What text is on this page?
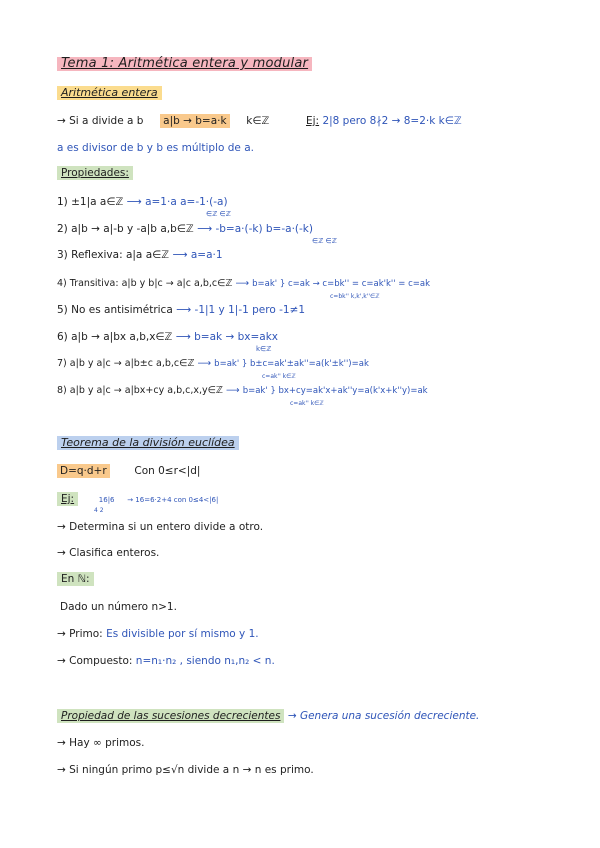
Tema 1: Aritmética entera y modular
Aritmética entera
→ Si a divide a b a|b → b=a·k k∈ℤ	Ej: 2|8 pero 8∤2 → 8=2·k k∈ℤ
a es divisor de b y b es múltiplo de a.
Propiedades:
1) ±1|a a∈ℤ ⟶ a=1·a a=-1·(-a)
∈ℤ ∈ℤ
2) a|b → a|-b y -a|b a,b∈ℤ ⟶ -b=a·(-k) b=-a·(-k)
∈ℤ ∈ℤ
3) Reflexiva: a|a a∈ℤ ⟶ a=a·1
4) Transitiva: a|b y b|c → a|c a,b,c∈ℤ ⟶ b=ak' } c=ak → c=bk'' = c=ak'k'' = c=ak
c=bk'' k,k',k''∈ℤ
5) No es antisimétrica ⟶ -1|1 y 1|-1 pero -1≠1
6) a|b → a|bx a,b,x∈ℤ ⟶ b=ak → bx=akx
k∈ℤ
7) a|b y a|c → a|b±c a,b,c∈ℤ ⟶ b=ak' } b±c=ak'±ak''=a(k'±k'')=ak
c=ak'' k∈ℤ
8) a|b y a|c → a|bx+cy a,b,c,x,y∈ℤ ⟶ b=ak' } bx+cy=ak'x+ak''y=a(k'x+k''y)=ak
c=ak'' k∈ℤ
Teorema de la división euclídea
D=q·d+r	Con 0≤r<|d|
Ej:	16|6 → 16=6·2+4 con 0≤4<|6|
4 2
→ Determina si un entero divide a otro.
→ Clasifica enteros.
En ℕ:
Dado un número n>1.
→ Primo: Es divisible por sí mismo y 1.
→ Compuesto: n=n₁·n₂ , siendo n₁,n₂ < n.
Propiedad de las sucesiones decrecientes → Genera una sucesión decreciente.
→ Hay ∞ primos.
→ Si ningún primo p≤√n divide a n → n es primo.
